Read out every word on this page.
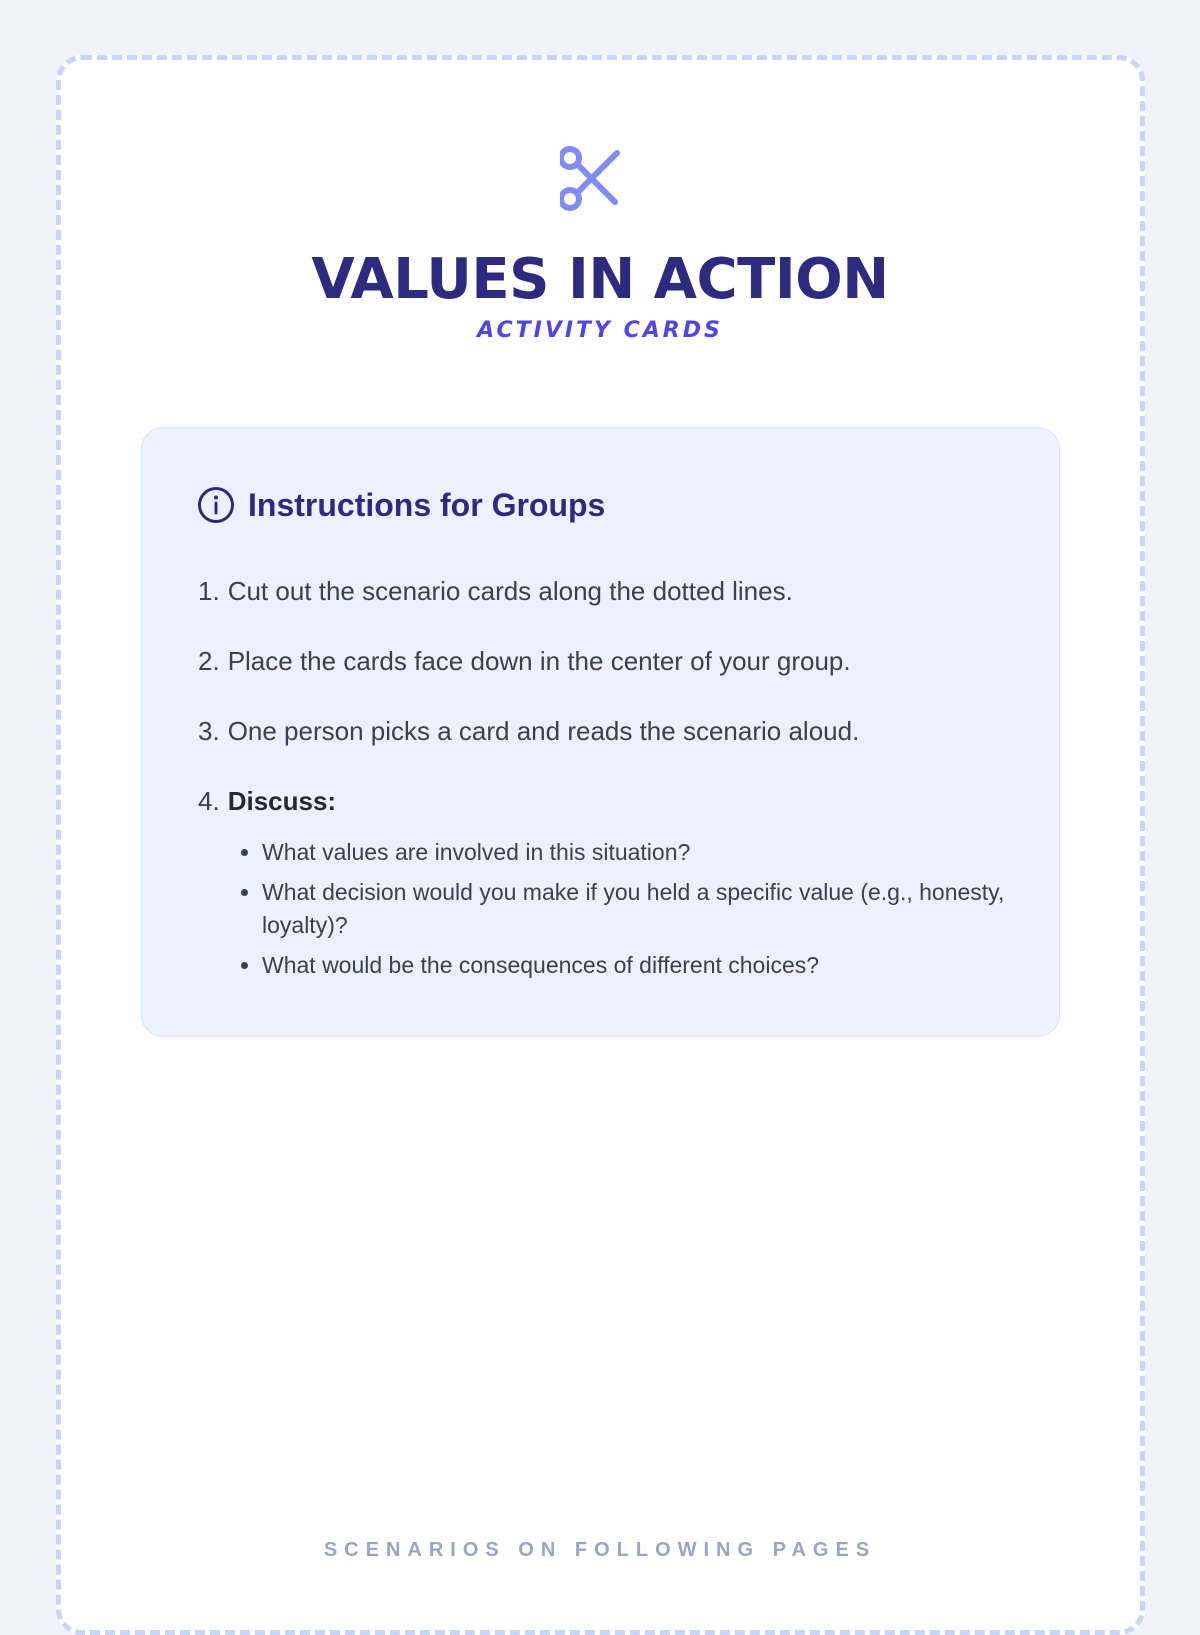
VALUES IN ACTION
ACTIVITY CARDS
Instructions for Groups
1. Cut out the scenario cards along the dotted lines.
2. Place the cards face down in the center of your group.
3. One person picks a card and reads the scenario aloud.
4. Discuss:
• What values are involved in this situation?
• What decision would you make if you held a specific value (e.g., honesty, loyalty)?
• What would be the consequences of different choices?
SCENARIOS ON FOLLOWING PAGES
